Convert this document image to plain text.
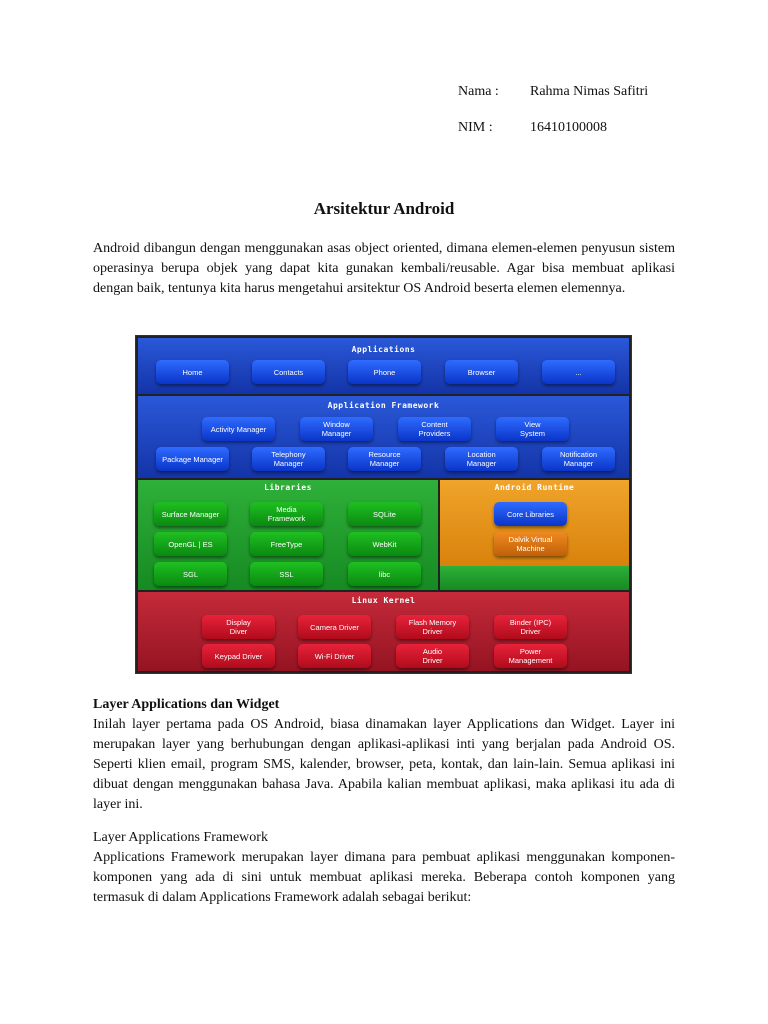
Nama : Rahma Nimas Safitri
NIM :	16410100008
Arsitektur Android

Android dibangun dengan menggunakan asas object oriented, dimana elemen-elemen penyusun sistem operasinya berupa objek yang dapat kita gunakan kembali/reusable. Agar bisa membuat aplikasi dengan baik, tentunya kita harus mengetahui arsitektur OS Android beserta elemen elemennya.

Applications
Application Framework
Libraries	Android Runtime
Linux Kernel
Home	Contacts	Phone	Browser	...
Activity Manager	Window
Manager
Content
Providers
View
System
Package Manager	Telephony
Manager
Resource
Manager
Location
Manager
Notification
Manager
Surface Manager	Media
Framework	SQLite
OpenGL | ES	FreeType	WebKit
SGL	SSL	libc
Core Libraries
Dalvik Virtual
Machine
Display
Diver	Camera Driver	Flash Memory
Driver
Binder (IPC)
Driver
Keypad Driver	Wi-Fi Driver	Audio
Driver
Power
Management

Layer Applications dan Widget
Inilah layer pertama pada OS Android, biasa dinamakan layer Applications dan Widget. Layer ini merupakan layer yang berhubungan dengan aplikasi-aplikasi inti yang berjalan pada Android OS. Seperti klien email, program SMS, kalender, browser, peta, kontak, dan lain-lain. Semua aplikasi ini dibuat dengan menggunakan bahasa Java. Apabila kalian membuat aplikasi, maka aplikasi itu ada di layer ini.

Layer Applications Framework
Applications Framework merupakan layer dimana para pembuat aplikasi menggunakan komponen-komponen yang ada di sini untuk membuat aplikasi mereka. Beberapa contoh komponen yang termasuk di dalam Applications Framework adalah sebagai berikut:
